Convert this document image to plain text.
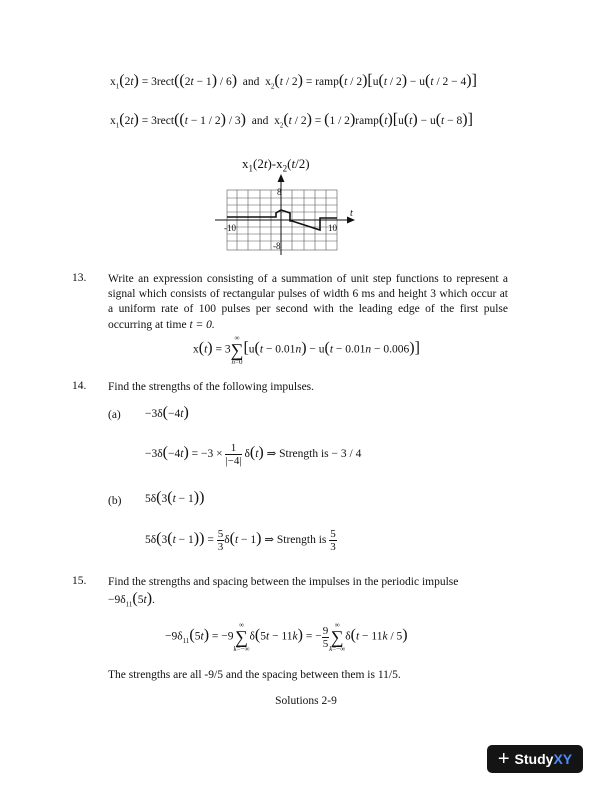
$x_1(2t)$ = 3rect((2t − 1) / 6) and  $x_2(t / 2)$ = ramp(t / 2)[u(t / 2) − u(t / 2 − 4)]
$x_1(2t)$ = 3rect((t − 1 / 2) / 3) and  $x_2(t / 2) = (1$ / 2)ramp(t)[u(t) − u(t − 8)]
$x_1(2t)-x_2(t/2)$
8
-8
-10	10
t
13. Write an expression consisting of a summation of unit step functions to represent a signal which consists of rectangular pulses of width 6 ms and height 3 which occur at a uniform rate of 100 pulses per second with the leading edge of the first pulse occurring at time t = 0.
x(t) = 3∞
∑
n=0[u(t − 0.01n) − u(t − 0.01n − 0.006)]
14. Find the strengths of the following impulses.
(a) −3δ(−4t)
$-3\delta(-4t) = -3 \times \frac{1}{|-4|} \delta(t)$ ⇒ Strength is − 3 / 4
(b) 5δ(3(t − 1))
$5\delta(3(t - 1)) = \frac{5}{3} \delta(t - 1)$ ⇒ Strength is $\frac{5}{3}$
15. Find the strengths and spacing between the impulses in the periodic impulse
$-9\delta_{11}(5t)$.
$-9\delta_{11}(5t) = -9\infty$
∑
k=−∞δ(5t − 11k) = − $\frac{9}{5}$ ∞
∑
k=−∞δ(t − 11k / 5)
The strengths are all -9/5 and the spacing between them is 11/5.
Solutions 2-9
+ Study XY
